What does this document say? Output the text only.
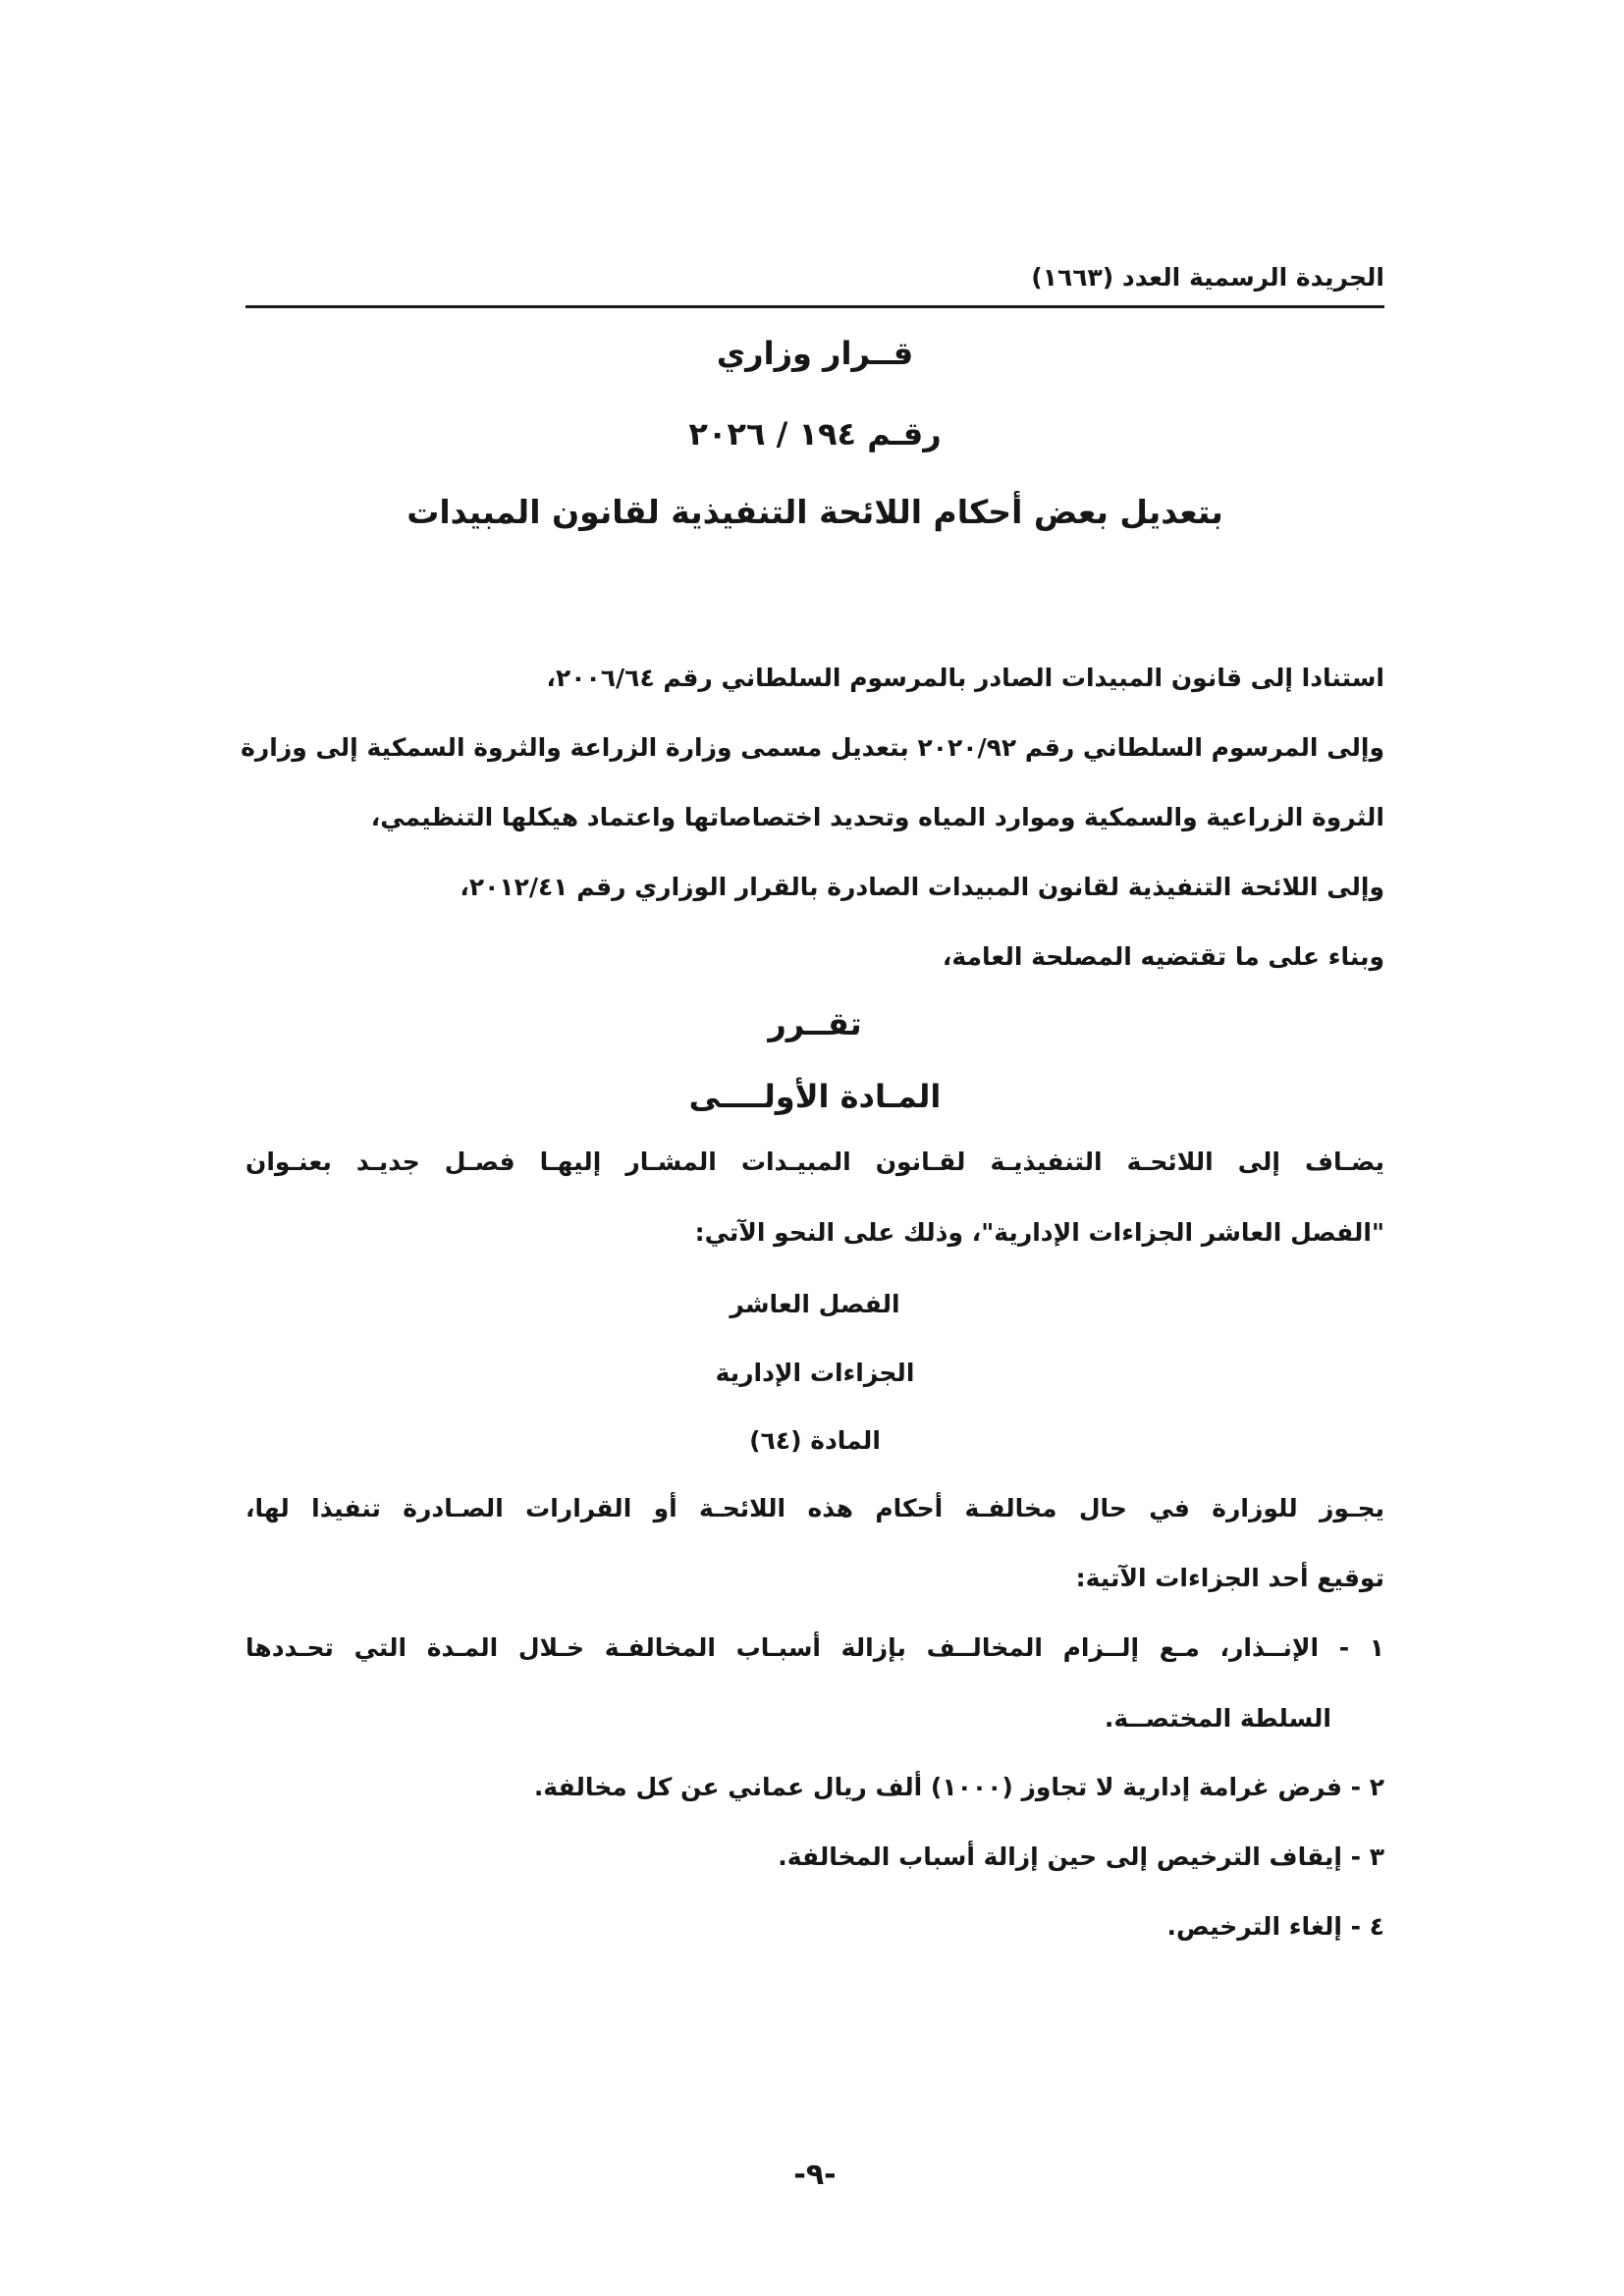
الجريدة الرسمية العدد (١٦٦٣)
قــرار وزاري
رقـم ١٩٤ / ٢٠٢٦
بتعديل بعض أحكام اللائحة التنفيذية لقانون المبيدات
استنادا إلى قانون المبيدات الصادر بالمرسوم السلطاني رقم ٢٠٠٦/٦٤،
وإلى المرسوم السلطاني رقم ٢٠٢٠/٩٢ بتعديل مسمى وزارة الزراعة والثروة السمكية إلى وزارة
الثروة الزراعية والسمكية وموارد المياه وتحديد اختصاصاتها واعتماد هيكلها التنظيمي،
وإلى اللائحة التنفيذية لقانون المبيدات الصادرة بالقرار الوزاري رقم ٢٠١٢/٤١،
وبناء على ما تقتضيه المصلحة العامة،
تقــرر
المـادة الأولــــى
يضـاف إلى اللائحـة التنفيذيـة لقـانون المبيـدات المشـار إليهـا فصـل جديـد بعنـوان
"الفصل العاشر الجزاءات الإدارية"، وذلك على النحو الآتي:
الفصل العاشر
الجزاءات الإدارية
المادة (٦٤)
يجـوز للوزارة في حال مخالفـة أحكام هذه اللائحـة أو القرارات الصـادرة تنفيذا لها،
توقيع أحد الجزاءات الآتية:
١ - الإنــذار، مـع إلــزام المخالــف بإزالة أسبـاب المخالفـة خـلال المـدة التي تحـددها
السلطة المختصــة.
٢ - فرض غرامة إدارية لا تجاوز (١٠٠٠) ألف ريال عماني عن كل مخالفة.
٣ - إيقاف الترخيص إلى حين إزالة أسباب المخالفة.
٤ - إلغاء الترخيص.
-٩-
